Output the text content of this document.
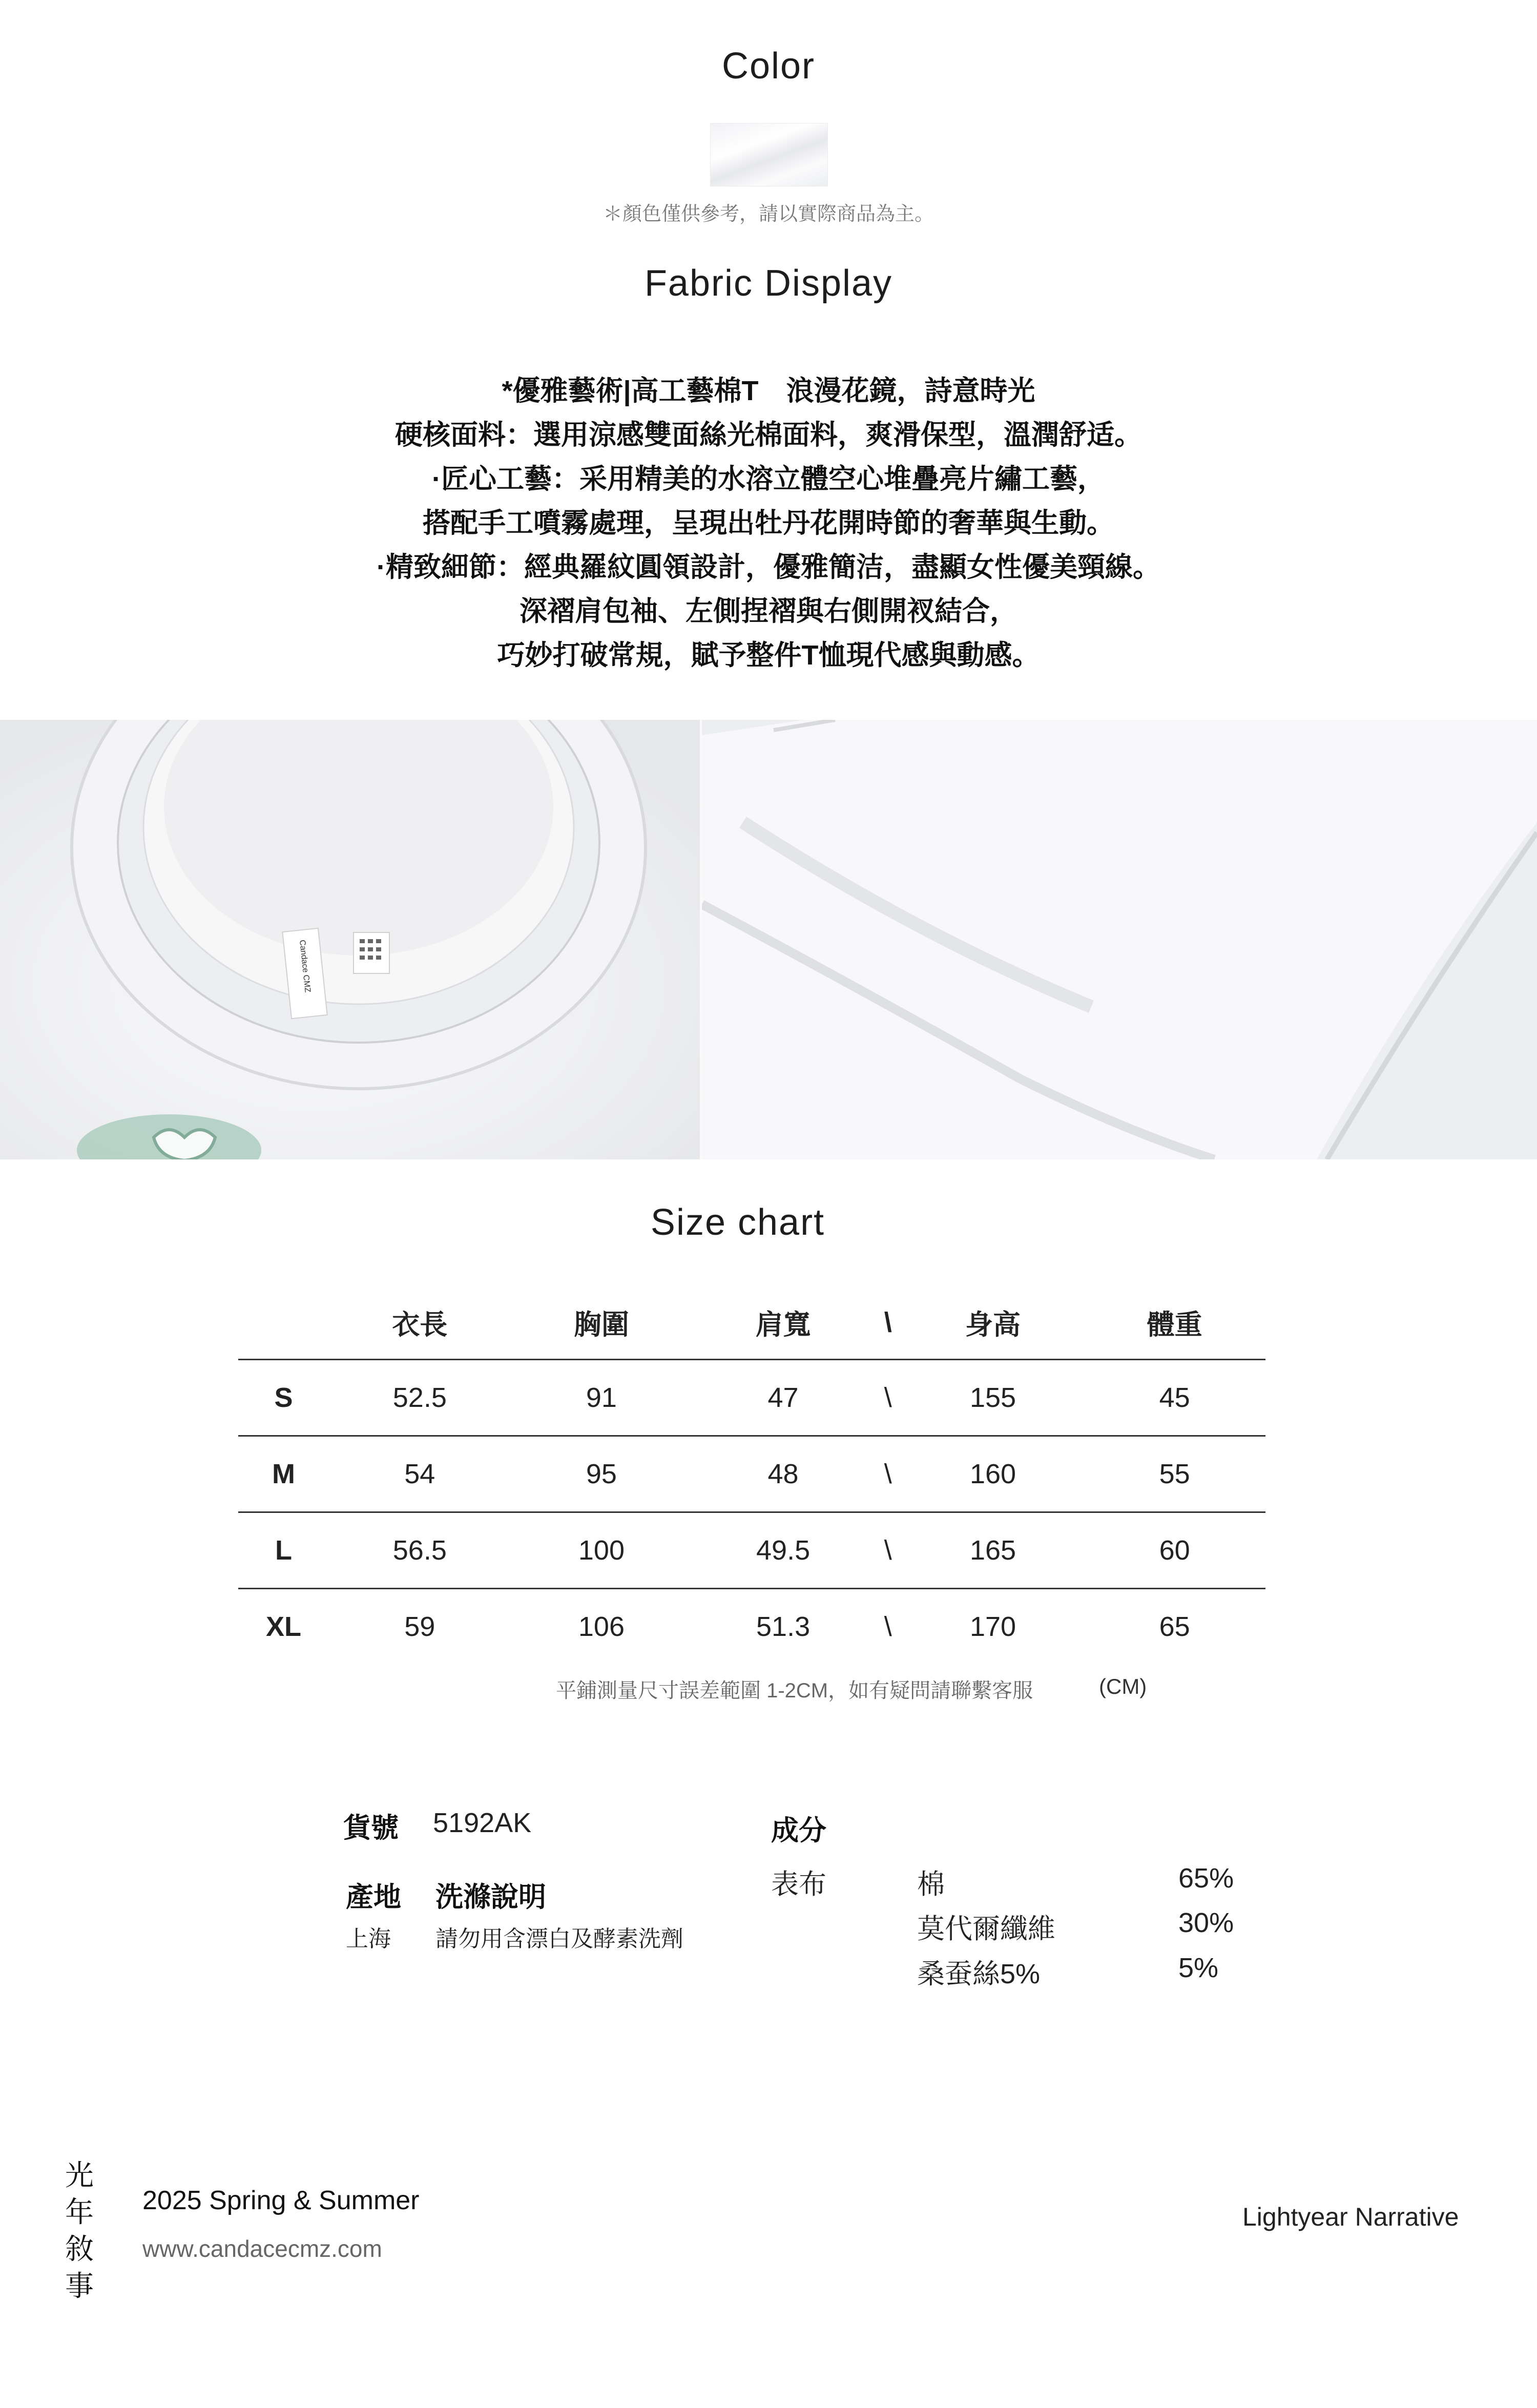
Color
＊顏色僅供參考，請以實際商品為主。
Fabric Display
*優雅藝術|高工藝棉T　浪漫花鏡，詩意時光
硬核面料：選用涼感雙面絲光棉面料，爽滑保型，溫潤舒适。
·匠心工藝：采用精美的水溶立體空心堆疊亮片繡工藝，
搭配手工噴霧處理，呈現出牡丹花開時節的奢華與生動。
·精致細節：經典羅紋圓領設計，優雅簡洁，盡顯女性優美頸線。
深褶肩包袖、左側捏褶與右側開衩結合，
巧妙打破常規，賦予整件T恤現代感與動感。
Candace CMZ
Size chart
	衣長	胸圍	肩寬	\	身高	體重
S	52.5	91	47	\	155	45
M	54	95	48	\	160	55
L	56.5	100	49.5	\	165	60
XL	59	106	51.3	\	170	65
平鋪測量尺寸誤差範圍 1-2CM，如有疑問請聯繫客服	(CM)
貨號 5192AK
產地 洗滌說明
上海 請勿用含漂白及酵素洗劑
成分
表布	棉	65%
莫代爾纖維	30%
桑蚕絲5%	5%
光
年
敘
事
2025 Spring & Summer
www.candacecmz.com
Lightyear Narrative
